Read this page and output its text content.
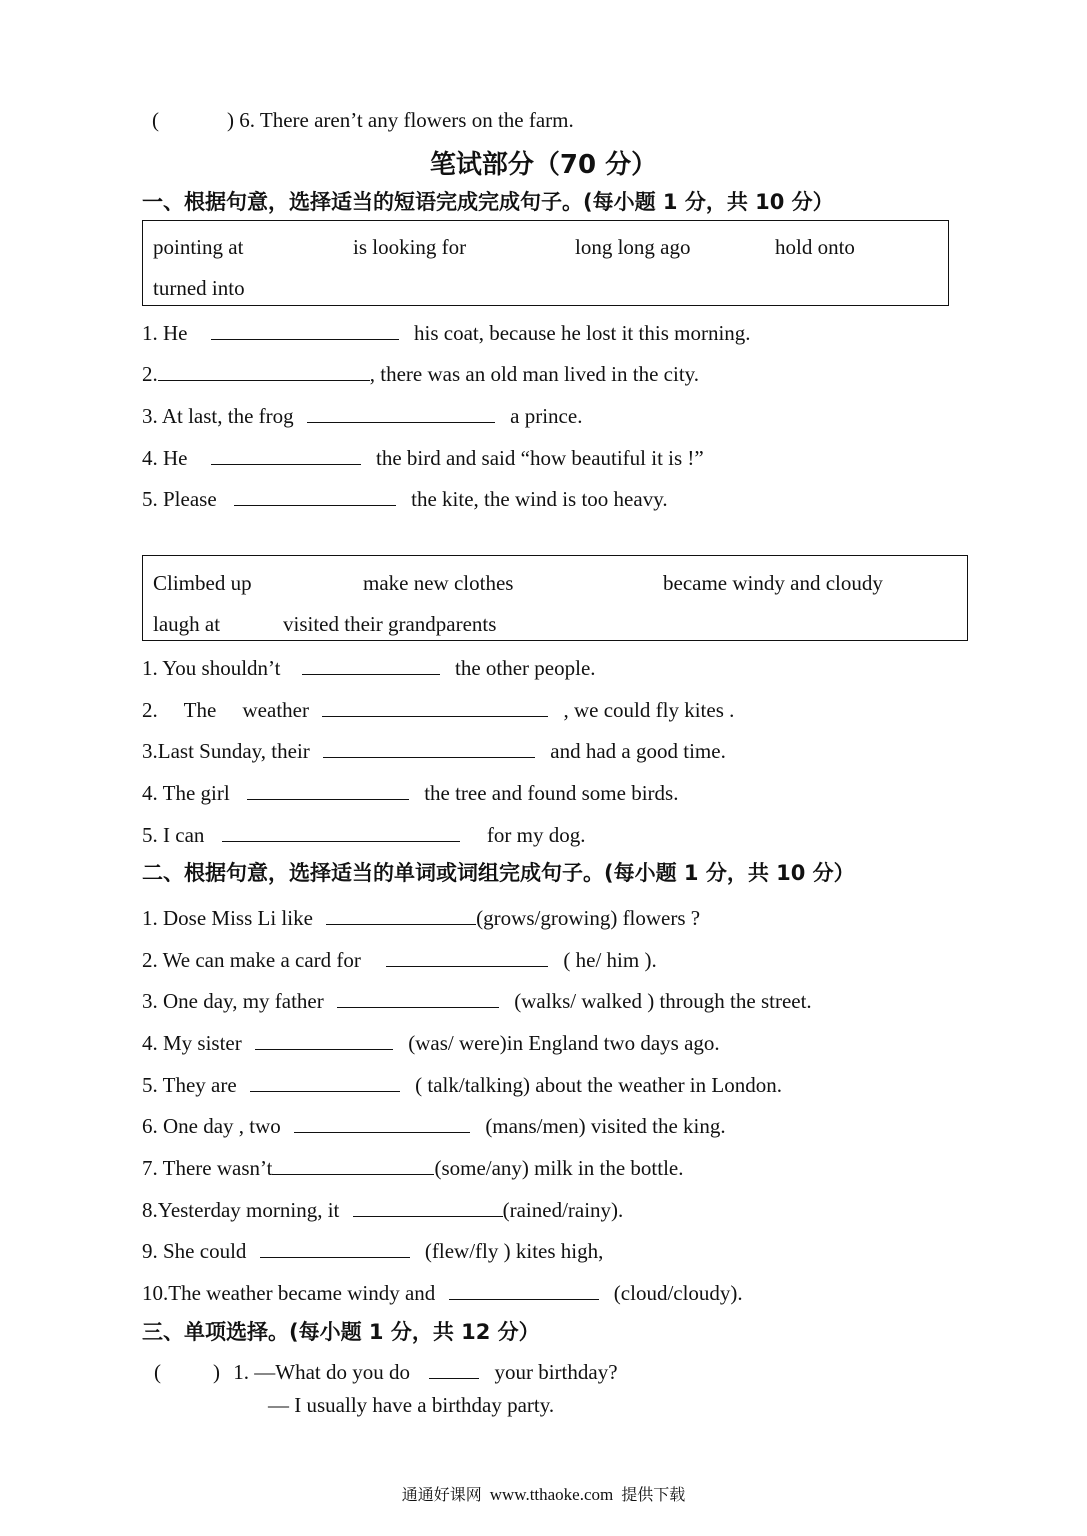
(	) 6. There aren’t any flowers on the farm.
笔试部分（70 分）
一、根据句意，选择适当的短语完成完成句子。(每小题 1 分，共 10 分）
pointing at	is looking for	long long ago	hold onto
turned into
1. He	his coat, because he lost it this morning.
2.	, there was an old man lived in the city.
3. At last, the frog	a prince.
4. He	the bird and said “how beautiful it is !”
5. Please	the kite, the wind is too heavy.
Climbed up	make new clothes	became windy and cloudy
laugh at	visited their grandparents
1. You shouldn’t	the other people.
2.     The     weather	, we could fly kites .
3.Last Sunday, their	and had a good time.
4. The girl	the tree and found some birds.
5. I can	for my dog.
二、根据句意，选择适当的单词或词组完成句子。(每小题 1 分，共 10 分）
1. Dose Miss Li like	(grows/growing) flowers ?
2. We can make a card for	( he/ him ).
3. One day, my father	(walks/ walked ) through the street.
4. My sister	(was/ were)in England two days ago.
5. They are	( talk/talking) about the weather in London.
6. One day , two	(mans/men) visited the king.
7. There wasn’t	(some/any) milk in the bottle.
8.Yesterday morning, it	(rained/rainy).
9. She could	(flew/fly ) kites high,
10.The weather became windy and	(cloud/cloudy).
三、单项选择。(每小题 1 分，共 12 分）
( ) 1. —What do you do	your birthday?
— I usually have a birthday party.
通通好课网 www.tthaoke.com 提供下载
